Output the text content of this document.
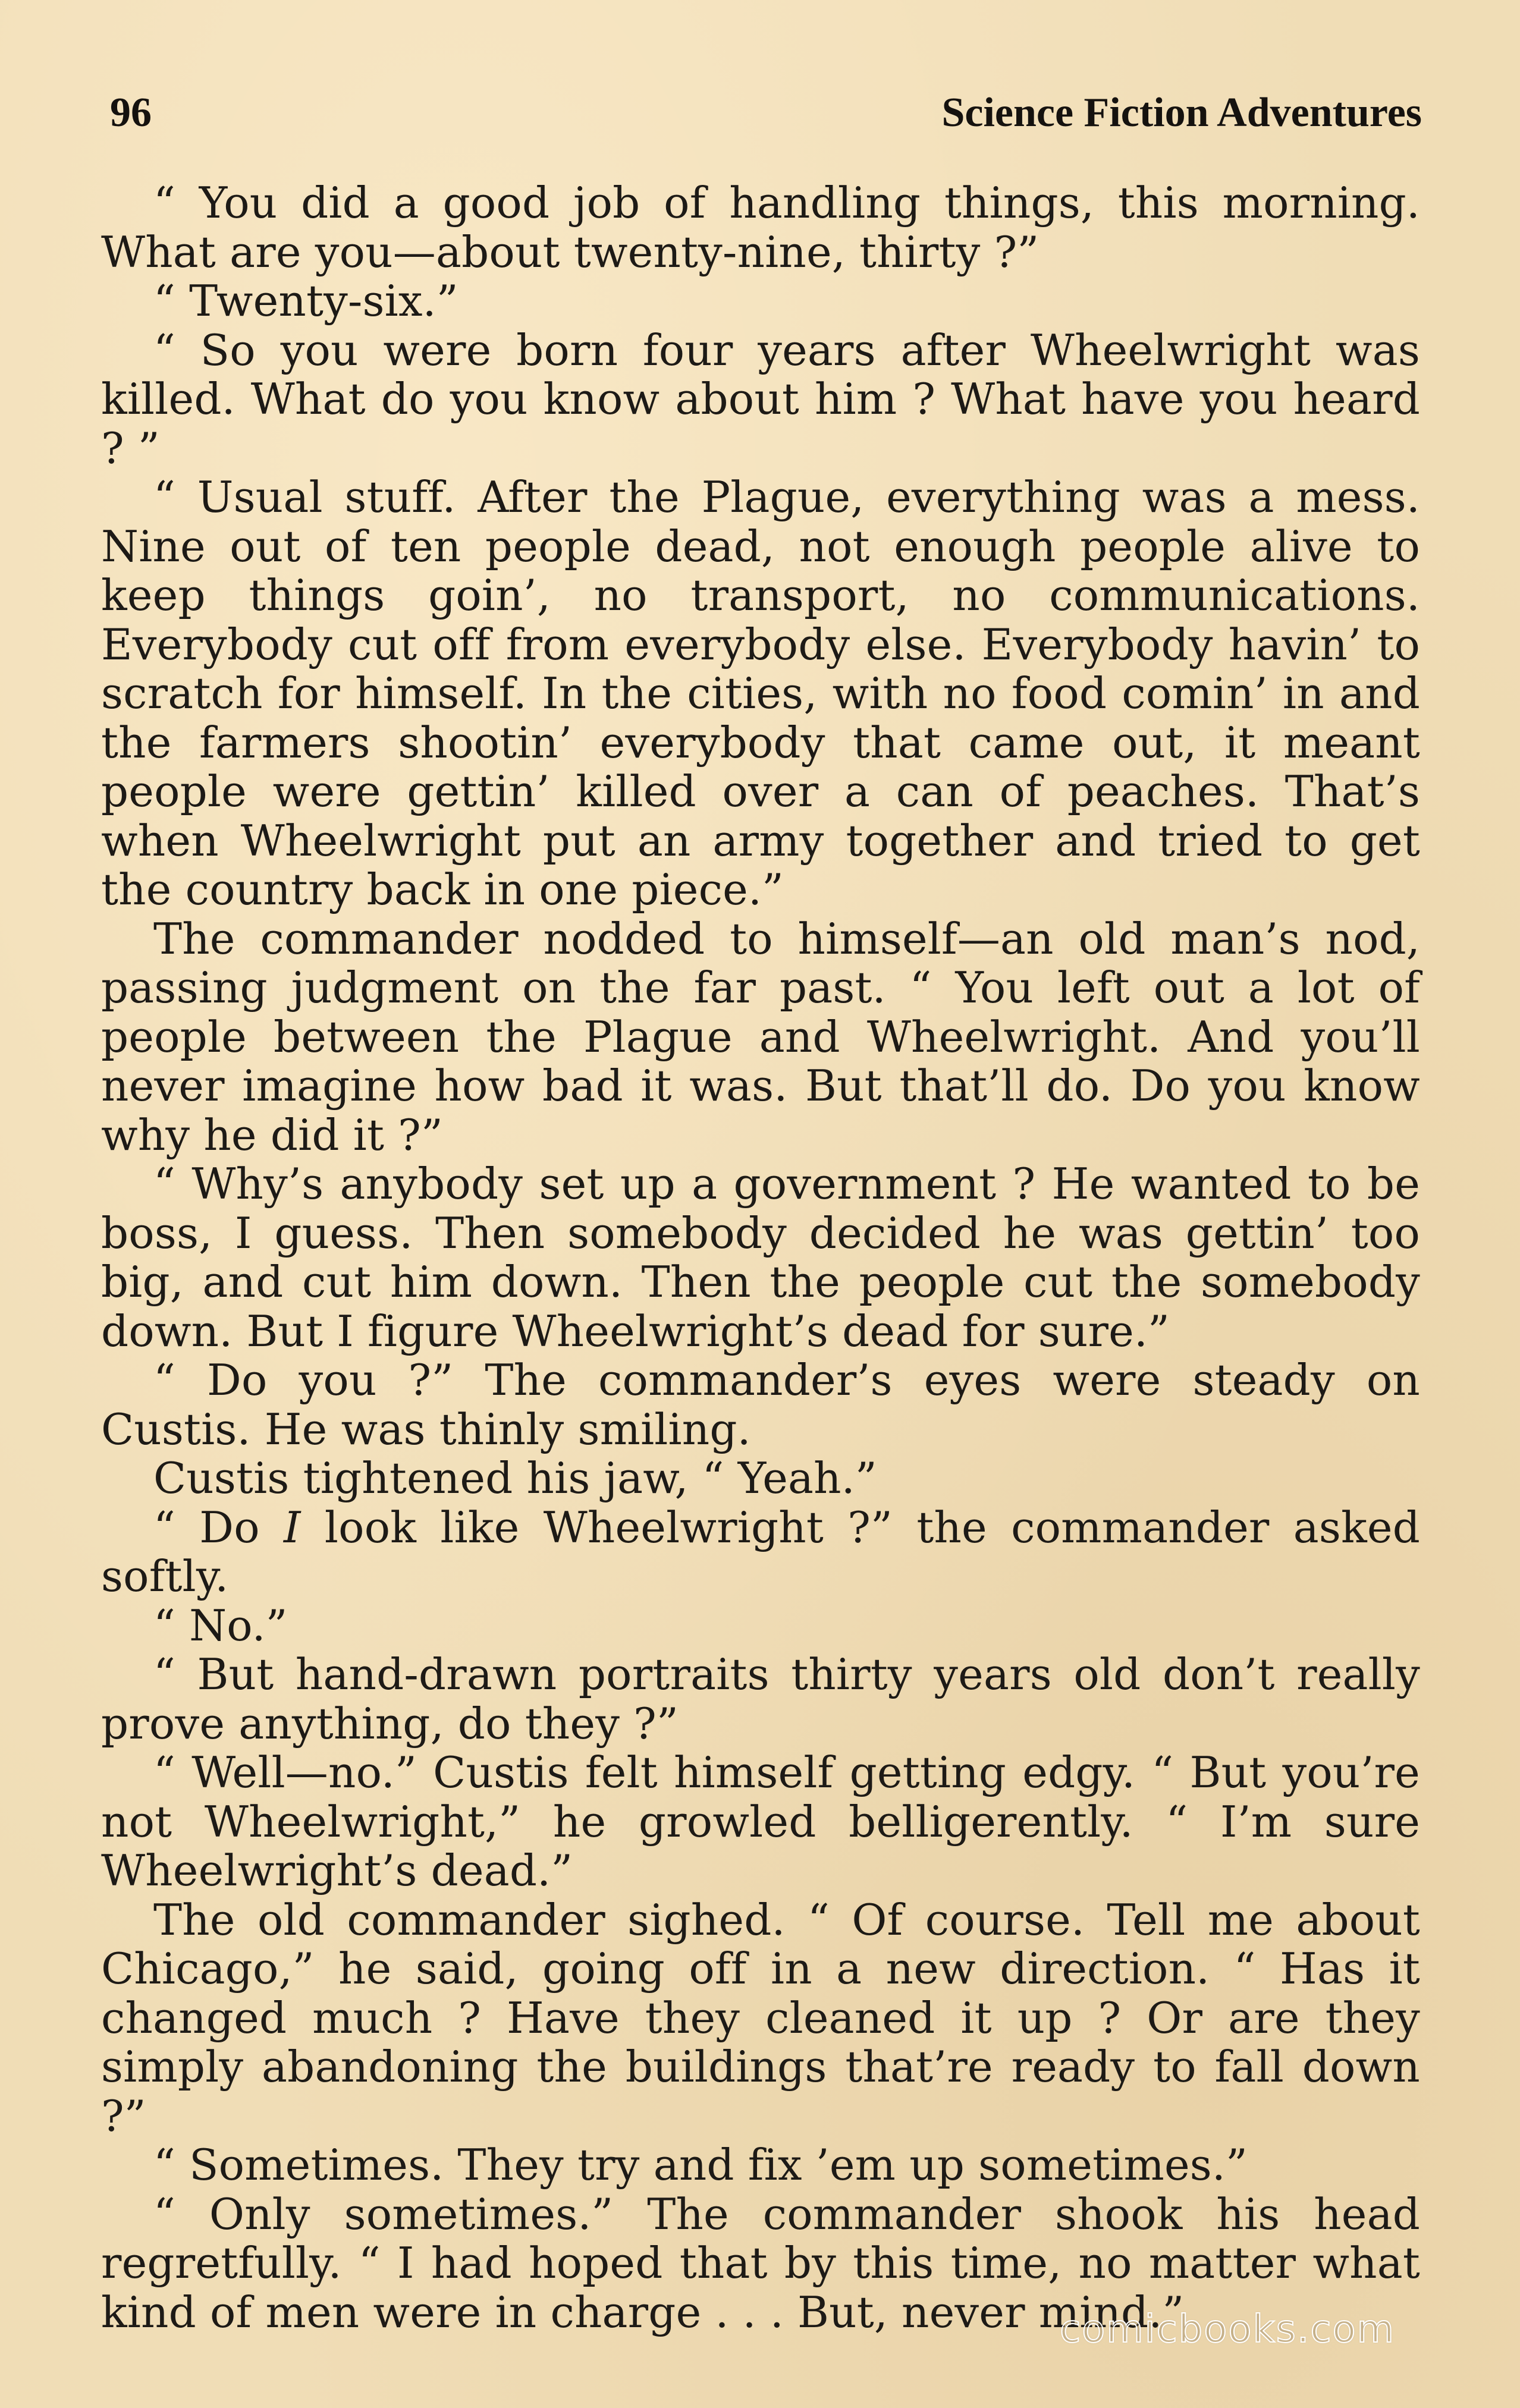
96	Science Fiction Adventures

“ You did a good job of handling things, this morning. What are you—about twenty-nine, thirty ?”

“ Twenty-six.”

“ So you were born four years after Wheelwright was killed. What do you know about him ? What have you heard ? ”

“ Usual stuff. After the Plague, everything was a mess. Nine out of ten people dead, not enough people alive to keep things goin’, no transport, no communications. Everybody cut off from everybody else. Everybody havin’ to scratch for himself. In the cities, with no food comin’ in and the farmers shootin’ everybody that came out, it meant people were gettin’ killed over a can of peaches. That’s when Wheelwright put an army together and tried to get the country back in one piece.”

The commander nodded to himself—an old man’s nod, passing judgment on the far past. “ You left out a lot of people between the Plague and Wheelwright. And you’ll never imagine how bad it was. But that’ll do. Do you know why he did it ?”

“ Why’s anybody set up a government ? He wanted to be boss, I guess. Then somebody decided he was gettin’ too big, and cut him down. Then the people cut the somebody down. But I figure Wheelwright’s dead for sure.”

“ Do you ?” The commander’s eyes were steady on Custis. He was thinly smiling.

Custis tightened his jaw, “ Yeah.”

“ Do I look like Wheelwright ?” the commander asked softly.

“ No.”

“ But hand-drawn portraits thirty years old don’t really prove anything, do they ?”

“ Well—no.” Custis felt himself getting edgy. “ But you’re not Wheelwright,” he growled belligerently. “ I’m sure Wheelwright’s dead.”

The old commander sighed. “ Of course. Tell me about Chicago,” he said, going off in a new direction. “ Has it changed much ? Have they cleaned it up ? Or are they simply abandoning the buildings that’re ready to fall down ?”

“ Sometimes. They try and fix ’em up sometimes.”

“ Only sometimes.” The commander shook his head regretfully. “ I had hoped that by this time, no matter what kind of men were in charge . . . But, never mind.”

comicbooks.com
